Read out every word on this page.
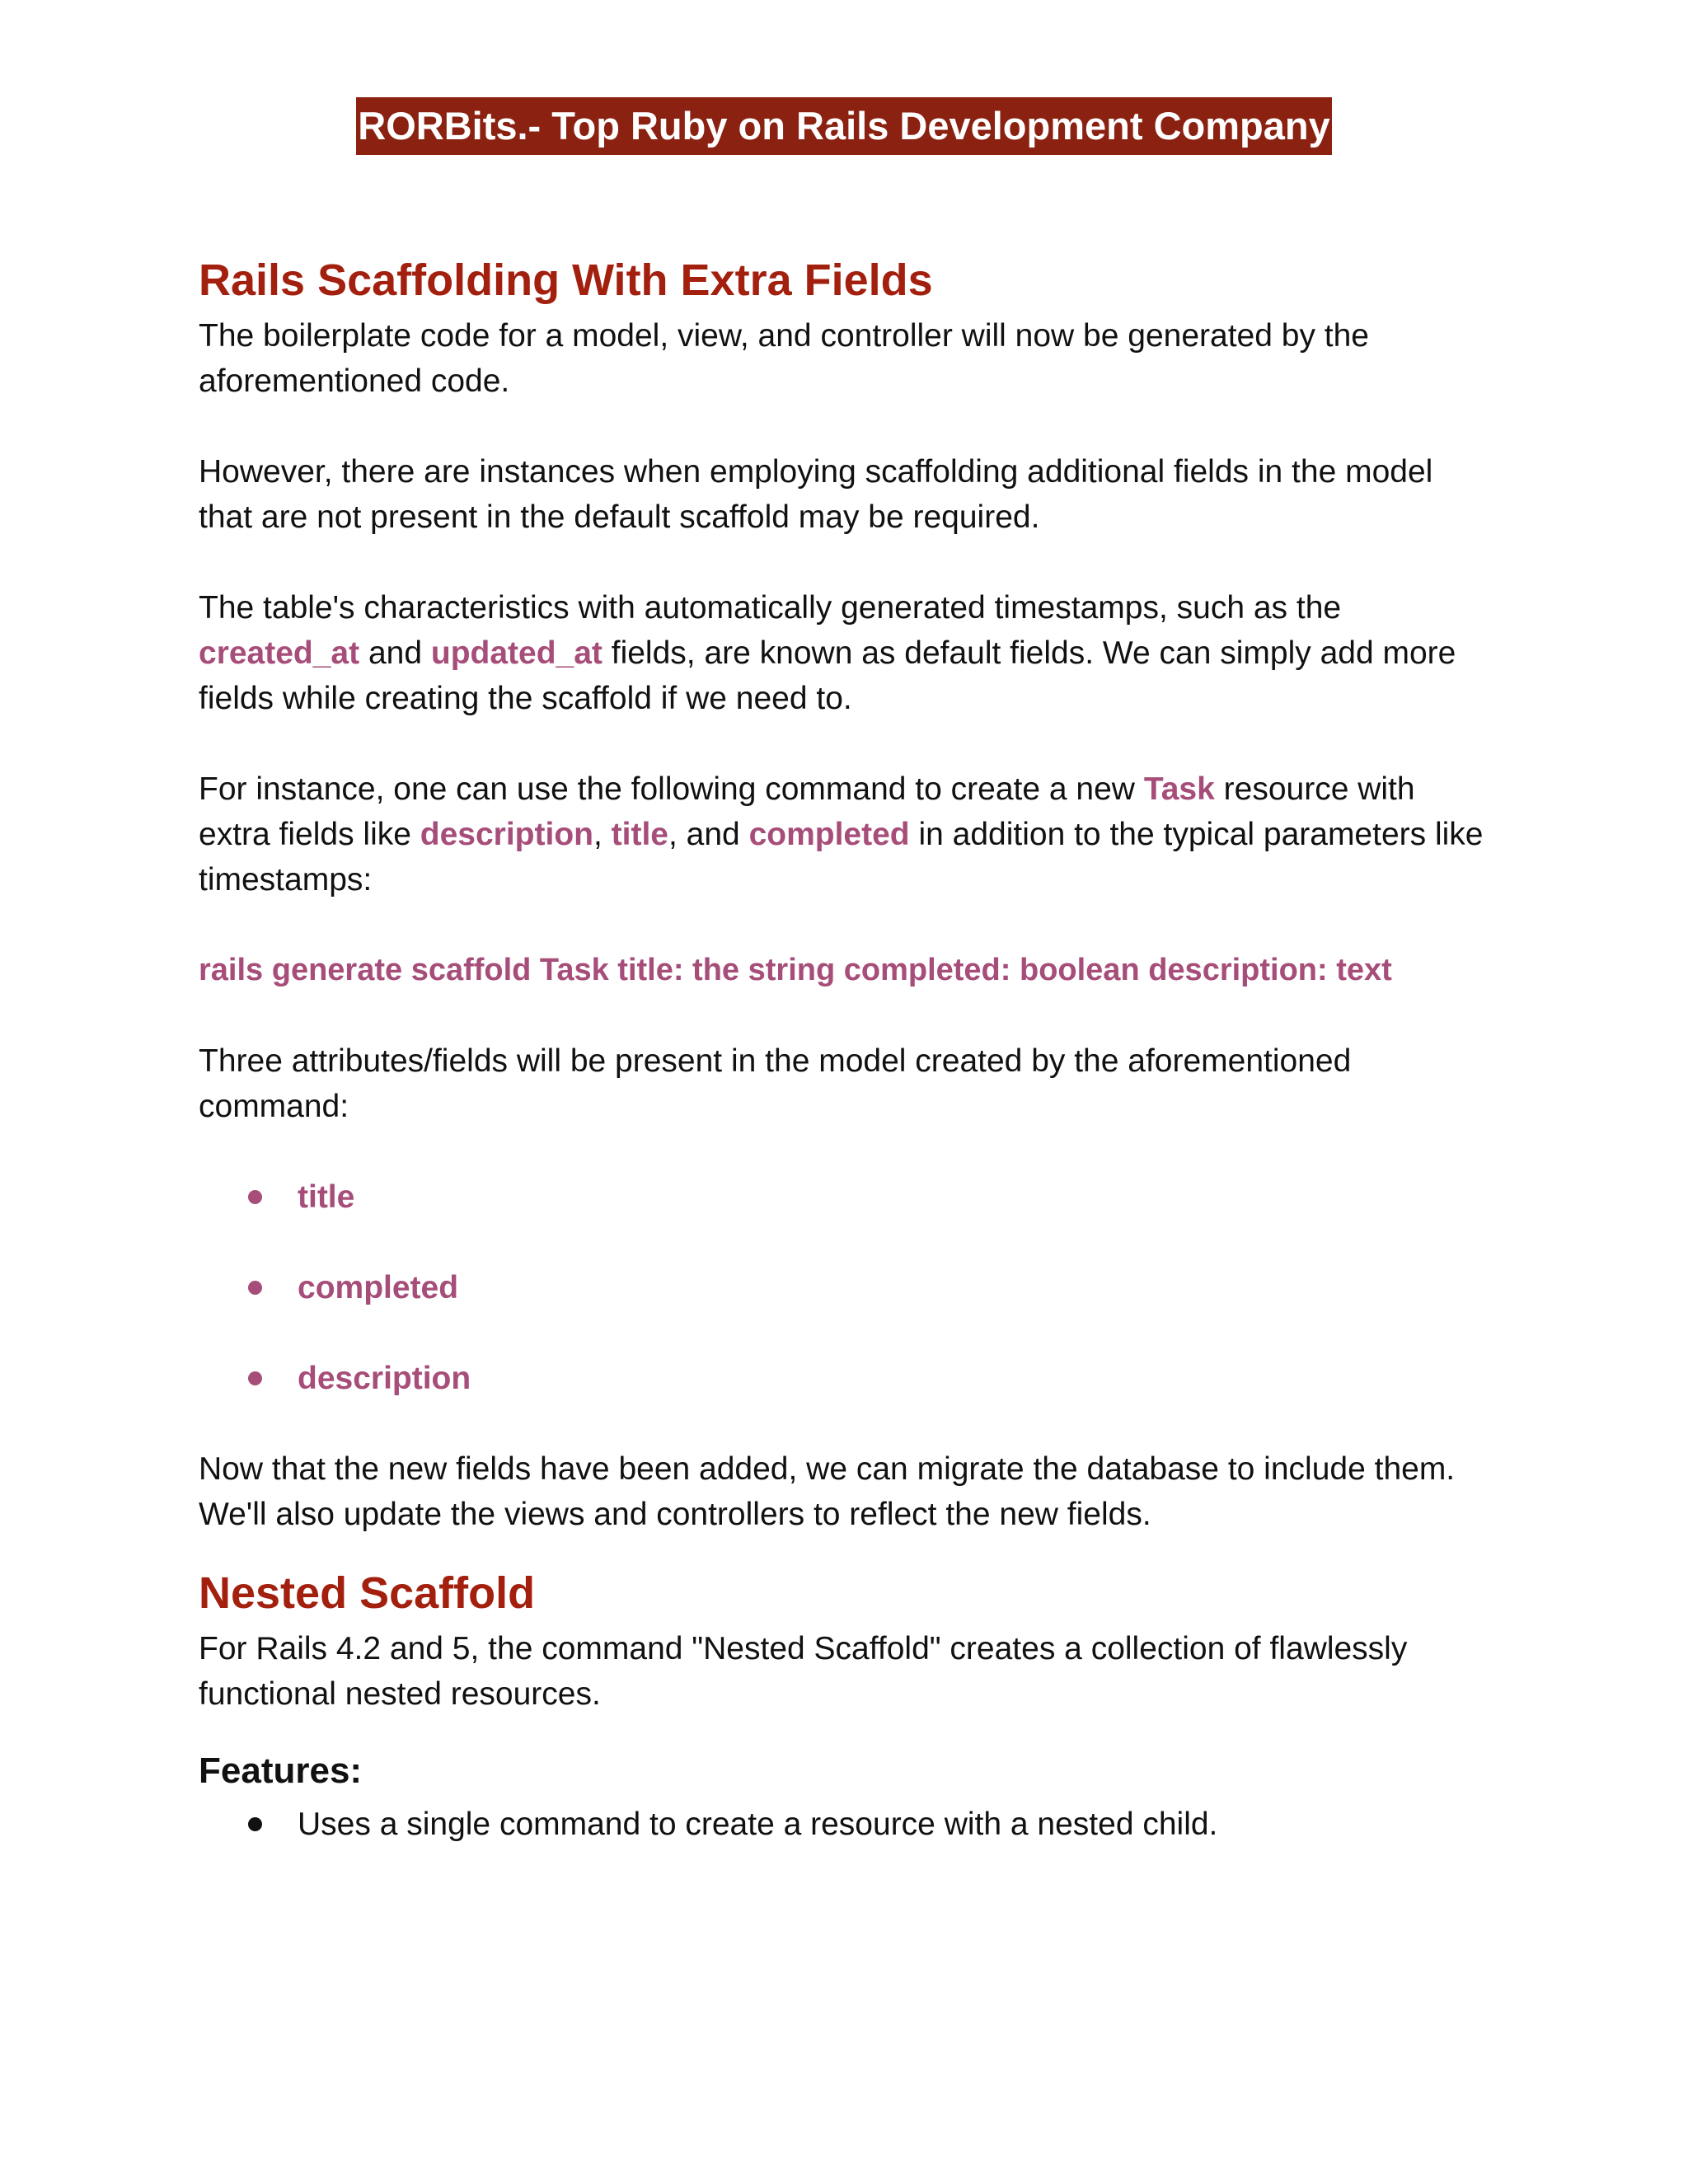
RORBits.- Top Ruby on Rails Development Company
Rails Scaffolding With Extra Fields

The boilerplate code for a model, view, and controller will now be generated by the aforementioned code.

However, there are instances when employing scaffolding additional fields in the model that are not present in the default scaffold may be required.

The table's characteristics with automatically generated timestamps, such as the created_at and updated_at fields, are known as default fields. We can simply add more fields while creating the scaffold if we need to.

For instance, one can use the following command to create a new Task resource with extra fields like description, title, and completed in addition to the typical parameters like timestamps:

rails generate scaffold Task title: the string completed: boolean description: text

Three attributes/fields will be present in the model created by the aforementioned command:

title
completed
description

Now that the new fields have been added, we can migrate the database to include them. We'll also update the views and controllers to reflect the new fields.

Nested Scaffold

For Rails 4.2 and 5, the command "Nested Scaffold" creates a collection of flawlessly functional nested resources.

Features:
Uses a single command to create a resource with a nested child.
